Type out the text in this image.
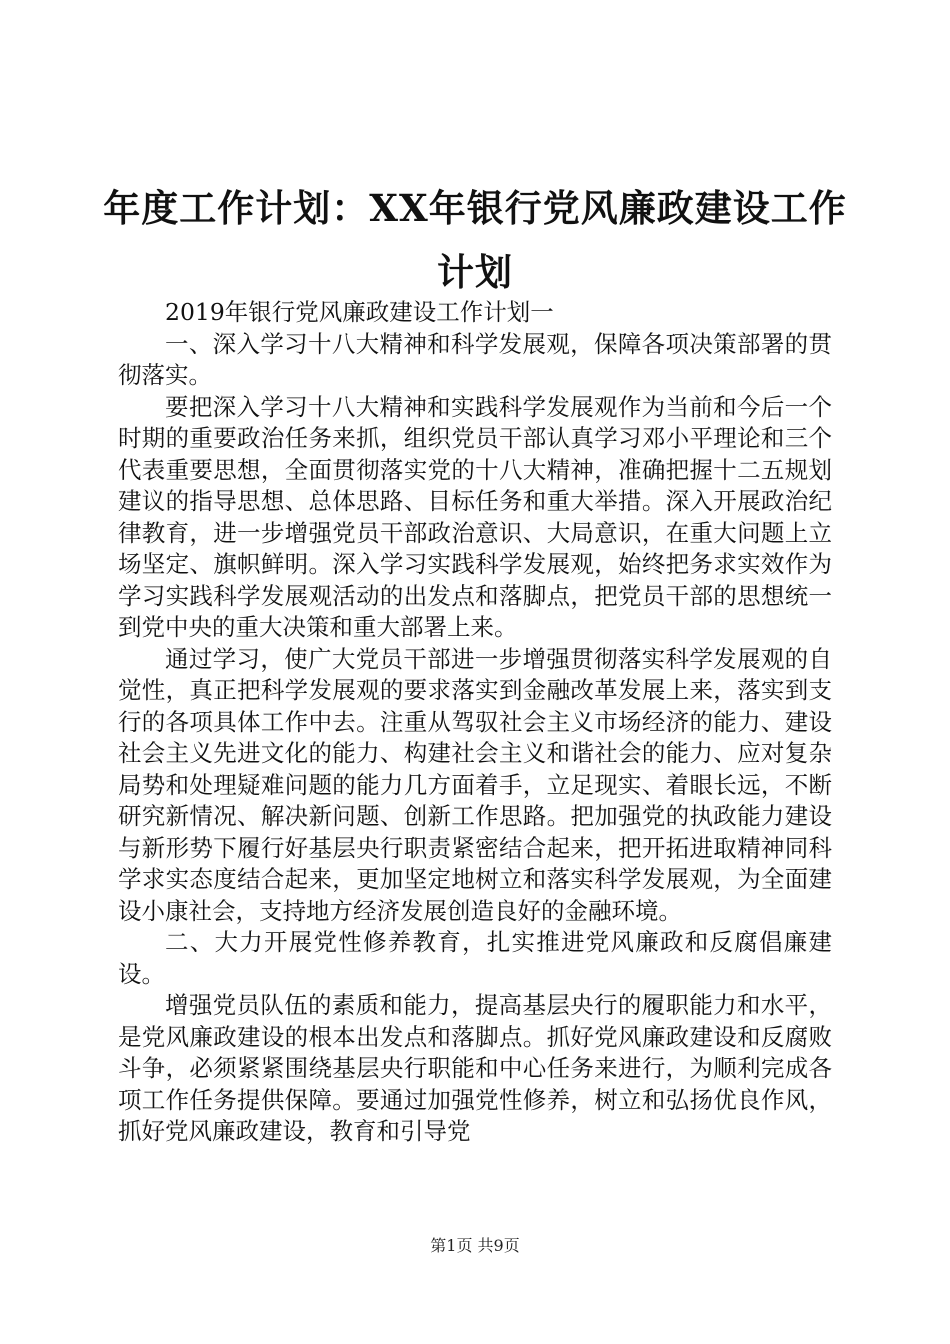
年度工作计划：XX年银行党风廉政建设工作计划

2019年银行党风廉政建设工作计划一

一、深入学习十八大精神和科学发展观，保障各项决策部署的贯彻落实。

要把深入学习十八大精神和实践科学发展观作为当前和今后一个时期的重要政治任务来抓，组织党员干部认真学习邓小平理论和三个代表重要思想，全面贯彻落实党的十八大精神，准确把握十二五规划建议的指导思想、总体思路、目标任务和重大举措。深入开展政治纪律教育，进一步增强党员干部政治意识、大局意识，在重大问题上立场坚定、旗帜鲜明。深入学习实践科学发展观，始终把务求实效作为学习实践科学发展观活动的出发点和落脚点，把党员干部的思想统一到党中央的重大决策和重大部署上来。

通过学习，使广大党员干部进一步增强贯彻落实科学发展观的自觉性，真正把科学发展观的要求落实到金融改革发展上来，落实到支行的各项具体工作中去。注重从驾驭社会主义市场经济的能力、建设社会主义先进文化的能力、构建社会主义和谐社会的能力、应对复杂局势和处理疑难问题的能力几方面着手，立足现实、着眼长远，不断研究新情况、解决新问题、创新工作思路。把加强党的执政能力建设与新形势下履行好基层央行职责紧密结合起来，把开拓进取精神同科学求实态度结合起来，更加坚定地树立和落实科学发展观，为全面建设小康社会，支持地方经济发展创造良好的金融环境。

二、大力开展党性修养教育，扎实推进党风廉政和反腐倡廉建设。

增强党员队伍的素质和能力，提高基层央行的履职能力和水平，是党风廉政建设的根本出发点和落脚点。抓好党风廉政建设和反腐败斗争，必须紧紧围绕基层央行职能和中心任务来进行，为顺利完成各项工作任务提供保障。要通过加强党性修养，树立和弘扬优良作风，抓好党风廉政建设，教育和引导党

第1页 共9页
